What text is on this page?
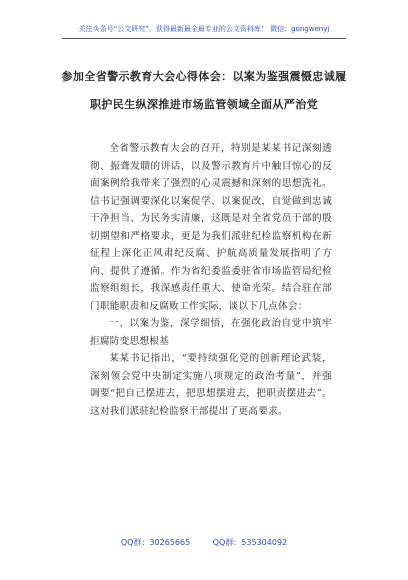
关注头条号“公文研究”，获得最新最全最专业的公文资料库！ 微信：gongwenyj
参加全省警示教育大会心得体会：以案为鉴强震慑忠诚履
职护民生纵深推进市场监管领域全面从严治党

全省警示教育大会的召开，特别是某某书记深刻透彻、振聋发聩的讲话，以及警示教育片中触目惊心的反面案例给我带来了强烈的心灵震撼和深刻的思想洗礼。信书记强调要深化以案促学、以案促改，自觉做到忠诚干净担当、为民务实清廉，这既是对全省党员干部的殷切期望和严格要求，更是为我们派驻纪检监察机构在新征程上深化正风肃纪反腐、护航高质量发展指明了方向、提供了遵循。作为省纪委监委驻省市场监管局纪检监察组组长，我深感责任重大、使命光荣。结合驻在部门职能职责和反腐败工作实际，谈以下几点体会：

一、以案为鉴，深学细悟，在强化政治自觉中筑牢拒腐防变思想根基

某某书记指出，“要持续强化党的创新理论武装，深刻领会党中央制定实施八项规定的政治考量”，并强调要“把自己摆进去，把思想摆进去，把职责摆进去”。这对我们派驻纪检监察干部提出了更高要求。

QQ群：30265665	QQ群：535304092
